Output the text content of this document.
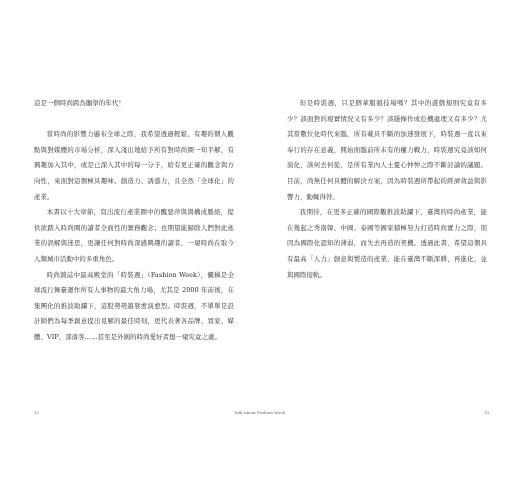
這是一個時尚跨為顯學的年代！

當時尚的影響力遍布全球之際，我希望透過輕鬆、有趣的個人觀點與對媒體的市場分析，深入淺出地給予所有對時尚圈一知半解，有興趣加入其中，或是已深入其中的每一分子，給有更正確的觀念與方向性，來面對這個極具趣味、創造力、誘惑力，且全然「全球化」的產業。

本書以十大章節，寫出流行產業圈中的醜惡萍與與構成脈絡，提供欲踏入時尚圈的讀者全面性的實務觀念；也期望能歸除人們對此產業的誤解與迷思，更讓任何對時尚深感興趣的讀者，一窺時尚在取今人類城市活動中的多重角色。

時尚雜誌中最高殿堂的「時裝週」（Fashion Week），儼稱是全球流行舞臺運作所有人事物的最大角力場，尤其是 2000 年前後，在集團化的推波助瀾下，這股勢勢越發愈演愈烈。時裝週，不單單是設計師們為每季創意提出見解的最佳時刻，更代表著各品牌、買家、媒體、VIP、部落客……甚至是外圍的時尚愛好者想一窺究竟之處。

但是時裝週，只是個華服競技場嗎？其中的遊戲規則究竟有多少？該面對的現實情況又有多少？該隱操作或危機處理又有多少？尤其當數位化時代來臨，所有載具不斷的加速發展下，時裝週一直以來奉行的存在意義，開始面臨前所未有的權力戰力，時裝週究竟該如何演化，該何去何從，是所有業內人士憂心忡忡之際不斷討論的議題。目前，尚無任何具體的解決方案，因為時裝週所帶起的經濟效益與影響力，動輒得咎。

我期待，在更多正確的國際觀推波助瀾下，臺灣的時尚產業，能在幾起之秀南韓、中國、泰國等國家積極努力打造時尚實力之際，別因為國際化認知的薄弱，而失去再造的契機。透過此書，希望這個具有最高「人力」創意與製造的產業，能在臺灣不斷深耕、再進化，並與國際接軌。

12	Talk About Fashion Week	13
